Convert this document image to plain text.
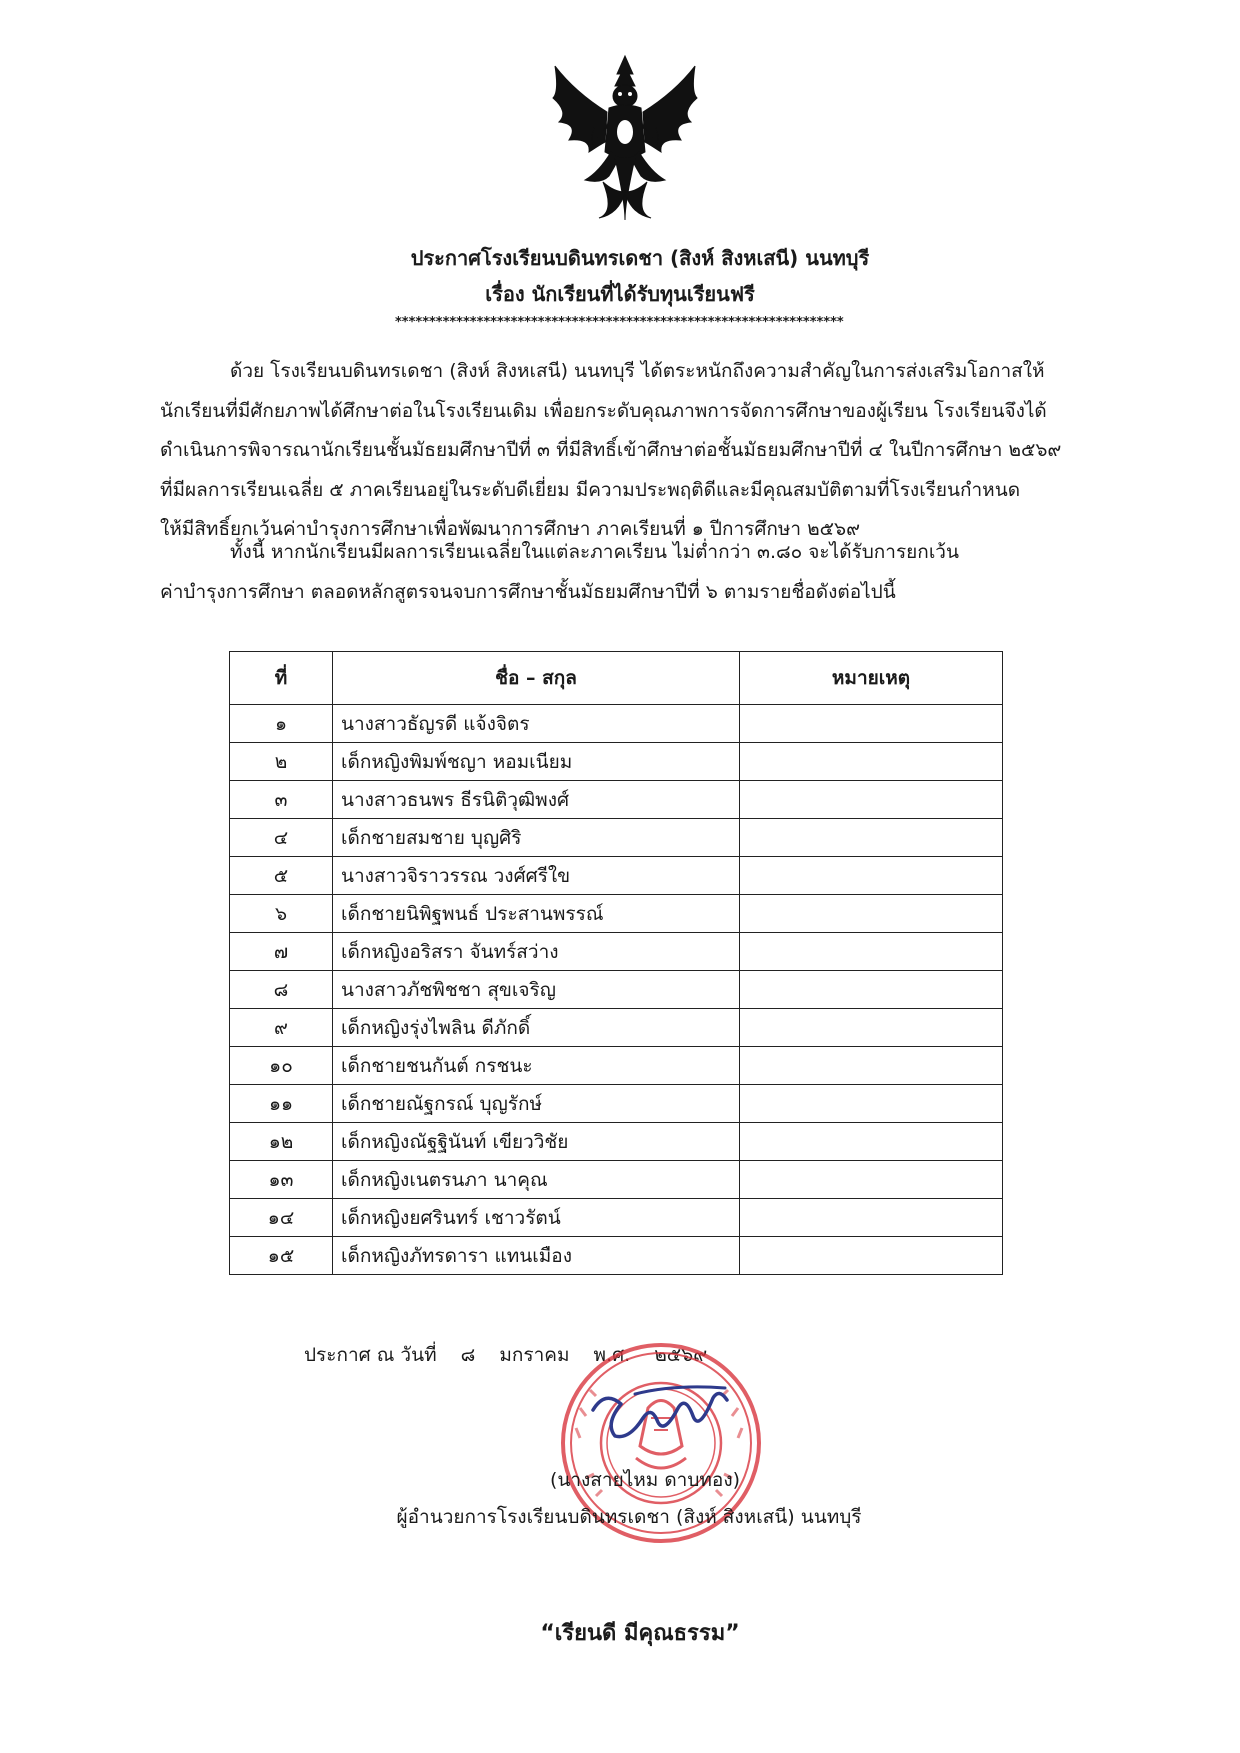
ประกาศโรงเรียนบดินทรเดชา (สิงห์ สิงหเสนี) นนทบุรี
เรื่อง นักเรียนที่ได้รับทุนเรียนฟรี
******************************************************************
ด้วย โรงเรียนบดินทรเดชา (สิงห์ สิงหเสนี) นนทบุรี ได้ตระหนักถึงความสำคัญในการส่งเสริมโอกาสให้
นักเรียนที่มีศักยภาพได้ศึกษาต่อในโรงเรียนเดิม เพื่อยกระดับคุณภาพการจัดการศึกษาของผู้เรียน โรงเรียนจึงได้
ดำเนินการพิจารณานักเรียนชั้นมัธยมศึกษาปีที่ ๓ ที่มีสิทธิ์เข้าศึกษาต่อชั้นมัธยมศึกษาปีที่ ๔ ในปีการศึกษา ๒๕๖๙
ที่มีผลการเรียนเฉลี่ย ๕ ภาคเรียนอยู่ในระดับดีเยี่ยม มีความประพฤติดีและมีคุณสมบัติตามที่โรงเรียนกำหนด
ให้มีสิทธิ์ยกเว้นค่าบำรุงการศึกษาเพื่อพัฒนาการศึกษา ภาคเรียนที่ ๑ ปีการศึกษา ๒๕๖๙
ทั้งนี้ หากนักเรียนมีผลการเรียนเฉลี่ยในแต่ละภาคเรียน ไม่ต่ำกว่า ๓.๘๐ จะได้รับการยกเว้น
ค่าบำรุงการศึกษา ตลอดหลักสูตรจนจบการศึกษาชั้นมัธยมศึกษาปีที่ ๖ ตามรายชื่อดังต่อไปนี้
ที่	ชื่อ – สกุล	หมายเหตุ
๑	นางสาวธัญรดี แจ้งจิตร	
๒	เด็กหญิงพิมพ์ชญา หอมเนียม	
๓	นางสาวธนพร ธีรนิติวุฒิพงศ์	
๔	เด็กชายสมชาย บุญศิริ	
๕	นางสาวจิราวรรณ วงศ์ศรีใข	
๖	เด็กชายนิพิฐพนธ์ ประสานพรรณ์	
๗	เด็กหญิงอริสรา จันทร์สว่าง	
๘	นางสาวภัชพิชชา สุขเจริญ	
๙	เด็กหญิงรุ่งไพลิน ดีภักดิ์	
๑๐	เด็กชายชนกันต์ กรชนะ	
๑๑	เด็กชายณัฐกรณ์ บุญรักษ์	
๑๒	เด็กหญิงณัฐฐินันท์ เขียววิชัย	
๑๓	เด็กหญิงเนตรนภา นาคุณ	
๑๔	เด็กหญิงยศรินทร์ เชาวรัตน์	
๑๕	เด็กหญิงภัทรดารา แทนเมือง	
ประกาศ ณ วันที่ ๘ มกราคม พ.ศ. ๒๕๖๙
(นางสายไหม ดาบทอง)
ผู้อำนวยการโรงเรียนบดินทรเดชา (สิงห์ สิงหเสนี) นนทบุรี
“เรียนดี มีคุณธรรม”
